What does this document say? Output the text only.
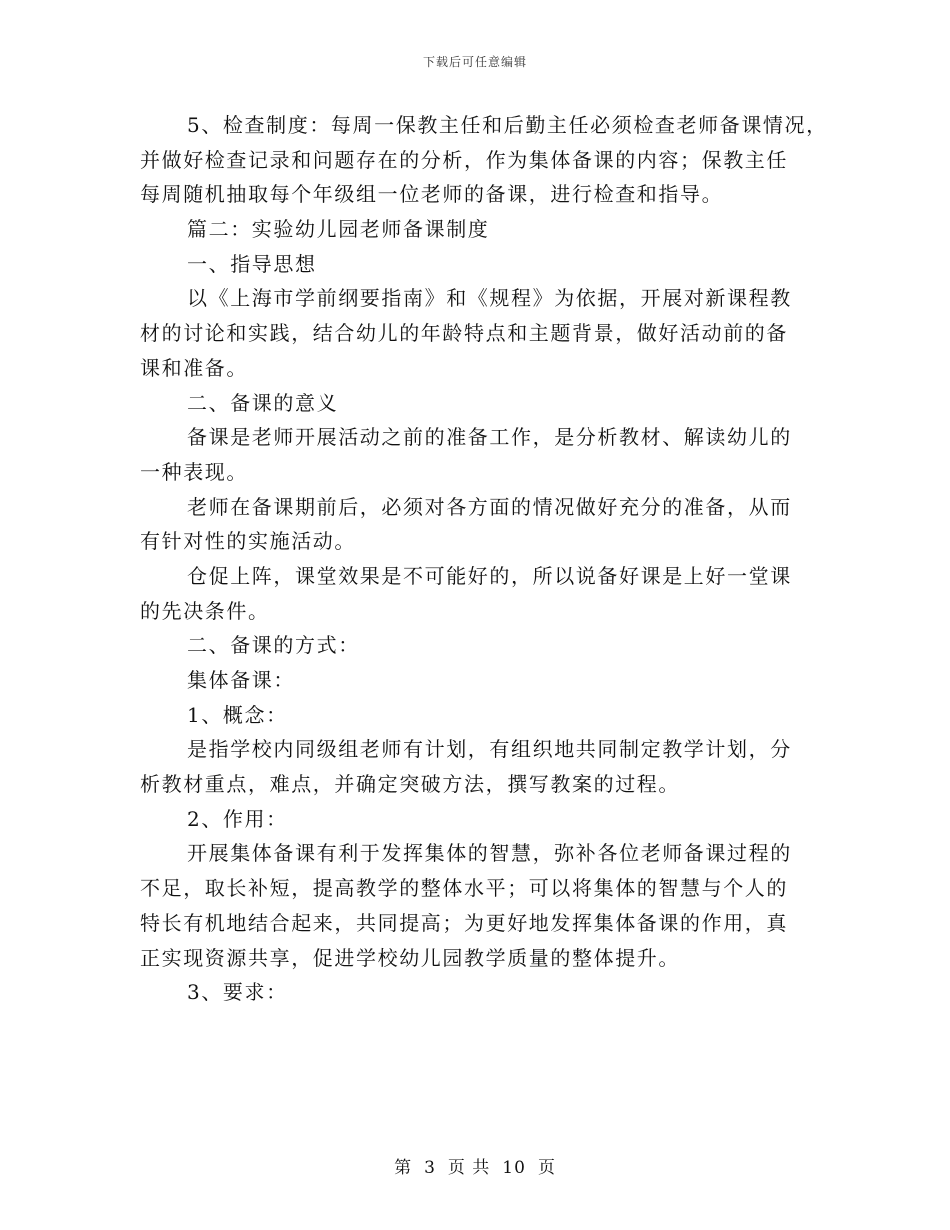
下载后可任意编辑
5、检查制度：每周一保教主任和后勤主任必须检查老师备课情况，
并做好检查记录和问题存在的分析，作为集体备课的内容；保教主任
每周随机抽取每个年级组一位老师的备课，进行检查和指导。
篇二：实验幼儿园老师备课制度
一、指导思想
以《上海市学前纲要指南》和《规程》为依据，开展对新课程教
材的讨论和实践，结合幼儿的年龄特点和主题背景，做好活动前的备
课和准备。
二、备课的意义
备课是老师开展活动之前的准备工作，是分析教材、解读幼儿的
一种表现。
老师在备课期前后，必须对各方面的情况做好充分的准备，从而
有针对性的实施活动。
仓促上阵，课堂效果是不可能好的，所以说备好课是上好一堂课
的先决条件。
二、备课的方式：
集体备课：
1、概念：
是指学校内同级组老师有计划，有组织地共同制定教学计划，分
析教材重点，难点，并确定突破方法，撰写教案的过程。
2、作用：
开展集体备课有利于发挥集体的智慧，弥补各位老师备课过程的
不足，取长补短，提高教学的整体水平；可以将集体的智慧与个人的
特长有机地结合起来，共同提高；为更好地发挥集体备课的作用，真
正实现资源共享，促进学校幼儿园教学质量的整体提升。
3、要求：
第 3 页 共 10 页
